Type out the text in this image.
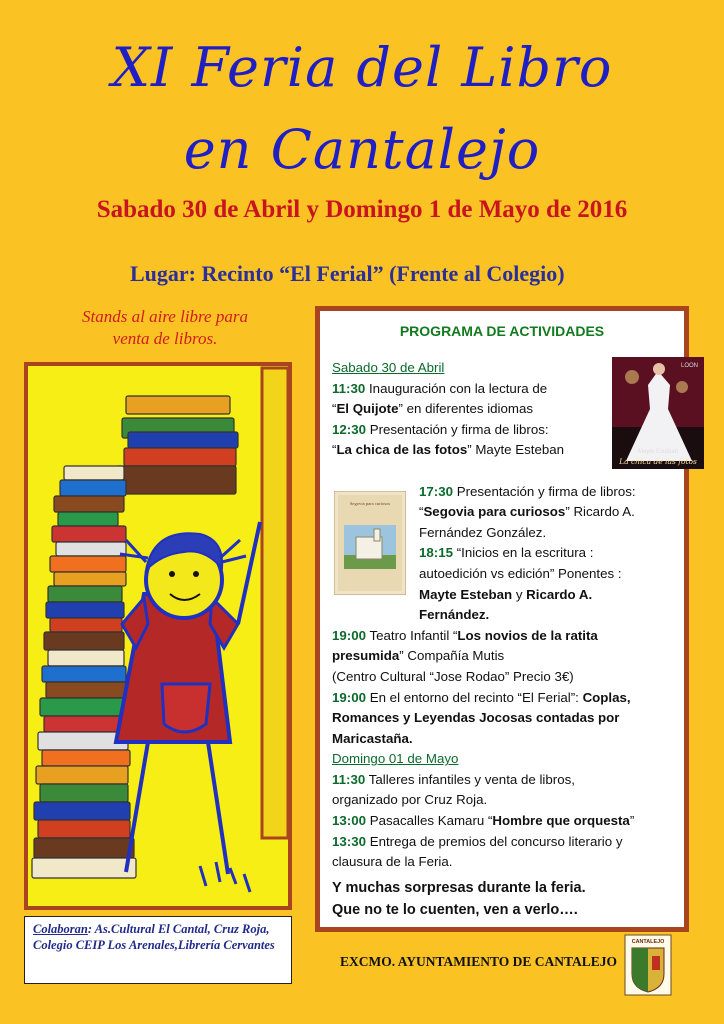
XI Feria del Libro
en Cantalejo
Sabado 30 de Abril y Domingo 1 de Mayo de 2016
Lugar: Recinto “El Ferial” (Frente al Colegio)
Stands al aire libre para
venta de libros.	PROGRAMA DE ACTIVIDADES
Sabado 30 de Abril
11:30 Inauguración con la lectura de
“El Quijote” en diferentes idiomas
12:30 Presentación y firma de libros:
“La chica de las fotos” Mayte Esteban

17:30 Presentación y firma de libros:
“Segovia para curiosos” Ricardo A.
Fernández González.
18:15 “Inicios en la escritura :
autoedición vs edición” Ponentes :
Mayte Esteban y Ricardo A.
Fernández.
19:00 Teatro Infantil “Los novios de la ratita
presumida” Compañía Mutis
(Centro Cultural “Jose Rodao” Precio 3€)
19:00 En el entorno del recinto “El Ferial”: Coplas,
Romances y Leyendas Jocosas contadas por
Maricastaña.
Domingo 01 de Mayo
11:30 Talleres infantiles y venta de libros,
organizado por Cruz Roja.
13:00 Pasacalles Kamaru “Hombre que orquesta”
13:30 Entrega de premios del concurso literario y
clausura de la Feria.
LOON
Mayte Esteban
La chica de las fotos
Segovia para curiosos
Y muchas sorpresas durante la feria.
Que no te lo cuenten, ven a verlo….
Colaboran: As.Cultural El Cantal, Cruz Roja, Colegio CEIP Los Arenales,Librería Cervantes
EXCMO. AYUNTAMIENTO DE CANTALEJO
CANTALEJO
